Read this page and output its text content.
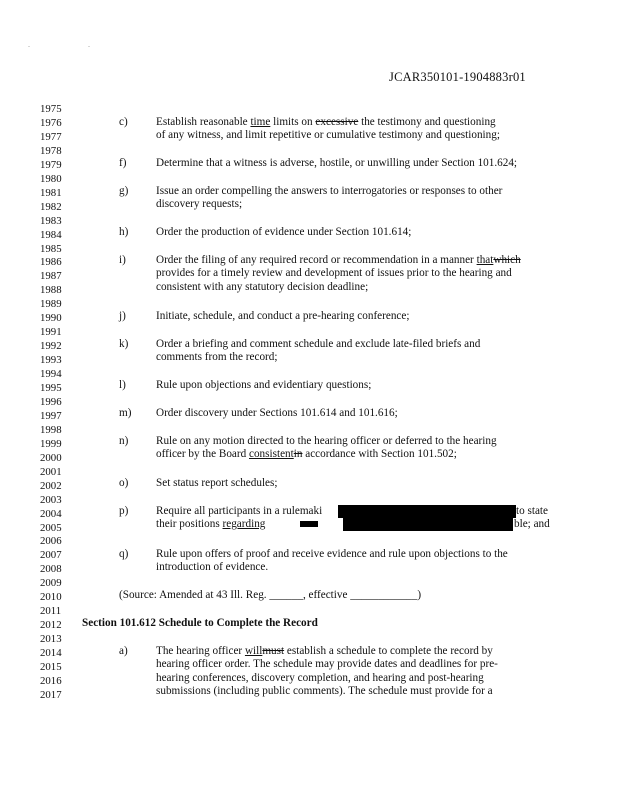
. .
JCAR350101-1904883r01
1975
1976
1977
1978
1979
1980
1981
1982
1983
1984
1985
1986
1987
1988
1989
1990
1991
1992
1993
1994
1995
1996
1997
1998
1999
2000
2001
2002
2003
2004
2005
2006
2007
2008
2009
2010
2011
2012
2013
2014
2015
2016
2017
c)	Establish reasonable time limits on excessive the testimony and questioning
of any witness, and limit repetitive or cumulative testimony and questioning;
f)	Determine that a witness is adverse, hostile, or unwilling under Section 101.624;
g) Issue an order compelling the answers to interrogatories or responses to other
discovery requests;
h) Order the production of evidence under Section 101.614;
i)	Order the filing of any required record or recommendation in a manner thatwhich
provides for a timely review and development of issues prior to the hearing and
consistent with any statutory decision deadline;
j)	Initiate, schedule, and conduct a pre-hearing conference;
k) Order a briefing and comment schedule and exclude late-filed briefs and
comments from the record;
l)	Rule upon objections and evidentiary questions;
m) Order discovery under Sections 101.614 and 101.616;
n) Rule on any motion directed to the hearing officer or deferred to the hearing
officer by the Board consistentin accordance with Section 101.502;
o) Set status report schedules;
p) Require all participants in a rulemaki	to state
their positions regarding	ble; and
q) Rule upon offers of proof and receive evidence and rule upon objections to the
introduction of evidence.
(Source: Amended at 43 Ill. Reg. ______, effective ____________)
Section 101.612 Schedule to Complete the Record
a)	The hearing officer willmust establish a schedule to complete the record by
hearing officer order. The schedule may provide dates and deadlines for pre-
hearing conferences, discovery completion, and hearing and post-hearing
submissions (including public comments). The schedule must provide for a
